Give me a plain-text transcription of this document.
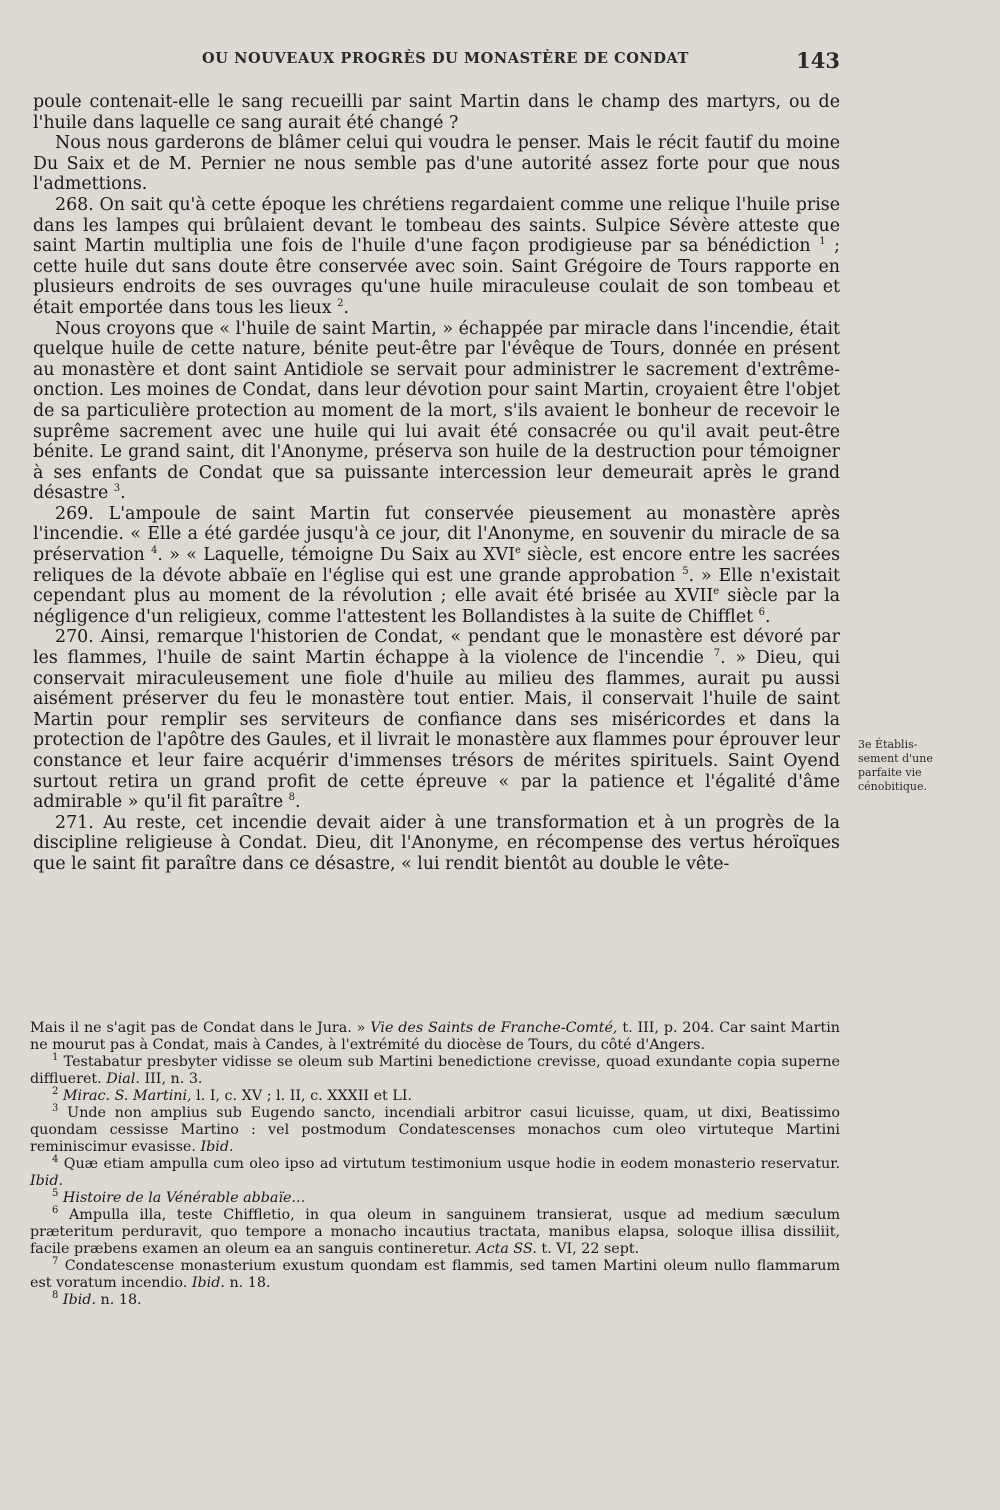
OU NOUVEAUX PROGRÈS DU MONASTÈRE DE CONDAT	143

poule contenait-elle le sang recueilli par saint Martin dans le champ des martyrs, ou de l'huile dans laquelle ce sang aurait été changé ?

Nous nous garderons de blâmer celui qui voudra le penser. Mais le récit fautif du moine Du Saix et de M. Pernier ne nous semble pas d'une autorité assez forte pour que nous l'admettions.

268. On sait qu'à cette époque les chrétiens regardaient comme une relique l'huile prise dans les lampes qui brûlaient devant le tombeau des saints. Sulpice Sévère atteste que saint Martin multiplia une fois de l'huile d'une façon prodigieuse par sa bénédiction $^1$ ; cette huile dut sans doute être conservée avec soin. Saint Grégoire de Tours rapporte en plusieurs endroits de ses ouvrages qu'une huile miraculeuse coulait de son tombeau et était emportée dans tous les lieux $^2$.

Nous croyons que « l'huile de saint Martin, » échappée par miracle dans l'incendie, était quelque huile de cette nature, bénite peut-être par l'évêque de Tours, donnée en présent au monastère et dont saint Antidiole se servait pour administrer le sacrement d'extrême-onction. Les moines de Condat, dans leur dévotion pour saint Martin, croyaient être l'objet de sa particulière protection au moment de la mort, s'ils avaient le bonheur de recevoir le suprême sacrement avec une huile qui lui avait été consacrée ou qu'il avait peut-être bénite. Le grand saint, dit l'Anonyme, préserva son huile de la destruction pour témoigner à ses enfants de Condat que sa puissante intercession leur demeurait après le grand désastre $^3$.

269. L'ampoule de saint Martin fut conservée pieusement au monastère après l'incendie. « Elle a été gardée jusqu'à ce jour, dit l'Anonyme, en souvenir du miracle de sa préservation $^4$. » « Laquelle, témoigne Du Saix au XVIe siècle, est encore entre les sacrées reliques de la dévote abbaïe en l'église qui est une grande approbation $^5$. » Elle n'existait cependant plus au moment de la révolution ; elle avait été brisée au XVIIe siècle par la négligence d'un religieux, comme l'attestent les Bollandistes à la suite de Chifflet $^6$.

270. Ainsi, remarque l'historien de Condat, « pendant que le monastère est dévoré par les flammes, l'huile de saint Martin échappe à la violence de l'incendie $^7$. » Dieu, qui conservait miraculeusement une fiole d'huile au milieu des flammes, aurait pu aussi aisément préserver du feu le monastère tout entier. Mais, il conservait l'huile de saint Martin pour remplir ses serviteurs de confiance dans ses miséricordes et dans la protection de l'apôtre des Gaules, et il livrait le monastère aux flammes pour éprouver leur constance et leur faire acquérir d'immenses trésors de mérites spirituels. Saint Oyend surtout retira un grand profit de cette épreuve « par la patience et l'égalité d'âme admirable » qu'il fit paraître $^8$.

271. Au reste, cet incendie devait aider à une transformation et à un progrès de la discipline religieuse à Condat. Dieu, dit l'Anonyme, en récompense des vertus héroïques que le saint fit paraître dans ce désastre, « lui rendit bientôt au double le vête-

3e Établis-
sement d'une
parfaite vie
cénobitique.

Mais il ne s'agit pas de Condat dans le Jura. » Vie des Saints de Franche-Comté, t. III, p. 204. Car saint Martin ne mourut pas à Condat, mais à Candes, à l'extrémité du diocèse de Tours, du côté d'Angers.

$^1$ Testabatur presbyter vidisse se oleum sub Martini benedictione crevisse, quoad exundante copia superne difflueret. Dial. III, n. 3.

$^2$ Mirac. S. Martini, l. I, c. XV ; l. II, c. XXXII et LI.

$^3$ Unde non amplius sub Eugendo sancto, incendiali arbitror casui licuisse, quam, ut dixi, Beatissimo quondam cessisse Martino : vel postmodum Condatescenses monachos cum oleo virtuteque Martini reminiscimur evasisse. Ibid.

$^4$ Quæ etiam ampulla cum oleo ipso ad virtutum testimonium usque hodie in eodem monasterio reservatur. Ibid.

$^5$ Histoire de la Vénérable abbaïe...

$^6$ Ampulla illa, teste Chiffletio, in qua oleum in sanguinem transierat, usque ad medium sæculum præteritum perduravit, quo tempore a monacho incautius tractata, manibus elapsa, soloque illisa dissiliit, facile præbens examen an oleum ea an sanguis contineretur. Acta SS. t. VI, 22 sept.

$^7$ Condatescense monasterium exustum quondam est flammis, sed tamen Martini oleum nullo flammarum est voratum incendio. Ibid. n. 18.

$^8$ Ibid. n. 18.
